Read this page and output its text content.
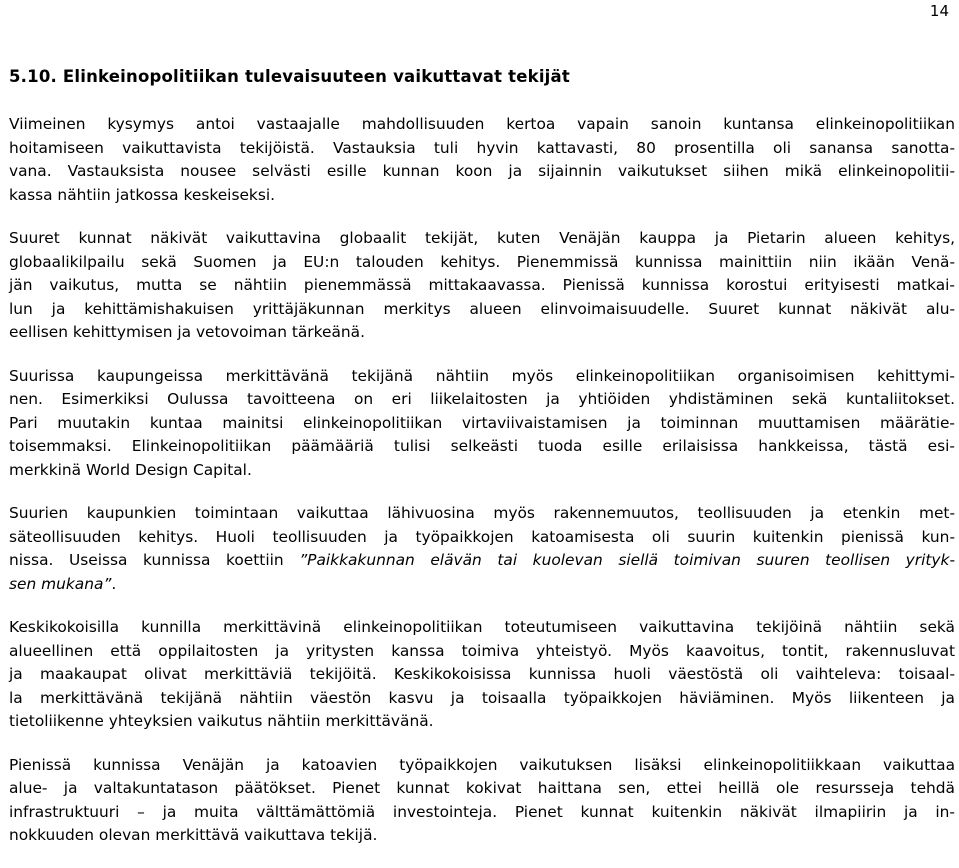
14
5.10. Elinkeinopolitiikan tulevaisuuteen vaikuttavat tekijät

Viimeinen kysymys antoi vastaajalle mahdollisuuden kertoa vapain sanoin kuntansa elinkeinopolitiikan
hoitamiseen vaikuttavista tekijöistä. Vastauksia tuli hyvin kattavasti, 80 prosentilla oli sanansa sanotta-
vana. Vastauksista nousee selvästi esille kunnan koon ja sijainnin vaikutukset siihen mikä elinkeinopolitii-
kassa nähtiin jatkossa keskeiseksi.

Suuret kunnat näkivät vaikuttavina globaalit tekijät, kuten Venäjän kauppa ja Pietarin alueen kehitys,
globaalikilpailu sekä Suomen ja EU:n talouden kehitys. Pienemmissä kunnissa mainittiin niin ikään Venä-
jän vaikutus, mutta se nähtiin pienemmässä mittakaavassa. Pienissä kunnissa korostui erityisesti matkai-
lun ja kehittämishakuisen yrittäjäkunnan merkitys alueen elinvoimaisuudelle. Suuret kunnat näkivät alu-
eellisen kehittymisen ja vetovoiman tärkeänä.

Suurissa kaupungeissa merkittävänä tekijänä nähtiin myös elinkeinopolitiikan organisoimisen kehittymi-
nen. Esimerkiksi Oulussa tavoitteena on eri liikelaitosten ja yhtiöiden yhdistäminen sekä kuntaliitokset.
Pari muutakin kuntaa mainitsi elinkeinopolitiikan virtaviivaistamisen ja toiminnan muuttamisen määrätie-
toisemmaksi. Elinkeinopolitiikan päämääriä tulisi selkeästi tuoda esille erilaisissa hankkeissa, tästä esi-
merkkinä World Design Capital.

Suurien kaupunkien toimintaan vaikuttaa lähivuosina myös rakennemuutos, teollisuuden ja etenkin met-
säteollisuuden kehitys. Huoli teollisuuden ja työpaikkojen katoamisesta oli suurin kuitenkin pienissä kun-
nissa. Useissa kunnissa koettiin ”Paikkakunnan elävän tai kuolevan siellä toimivan suuren teollisen yrityk-
sen mukana”.

Keskikokoisilla kunnilla merkittävinä elinkeinopolitiikan toteutumiseen vaikuttavina tekijöinä nähtiin sekä
alueellinen että oppilaitosten ja yritysten kanssa toimiva yhteistyö. Myös kaavoitus, tontit, rakennusluvat
ja maakaupat olivat merkittäviä tekijöitä. Keskikokoisissa kunnissa huoli väestöstä oli vaihteleva: toisaal-
la merkittävänä tekijänä nähtiin väestön kasvu ja toisaalla työpaikkojen häviäminen. Myös liikenteen ja
tietoliikenne yhteyksien vaikutus nähtiin merkittävänä.

Pienissä kunnissa Venäjän ja katoavien työpaikkojen vaikutuksen lisäksi elinkeinopolitiikkaan vaikuttaa
alue- ja valtakuntatason päätökset. Pienet kunnat kokivat haittana sen, ettei heillä ole resursseja tehdä
infrastruktuuri – ja muita välttämättömiä investointeja. Pienet kunnat kuitenkin näkivät ilmapiirin ja in-
nokkuuden olevan merkittävä vaikuttava tekijä.
